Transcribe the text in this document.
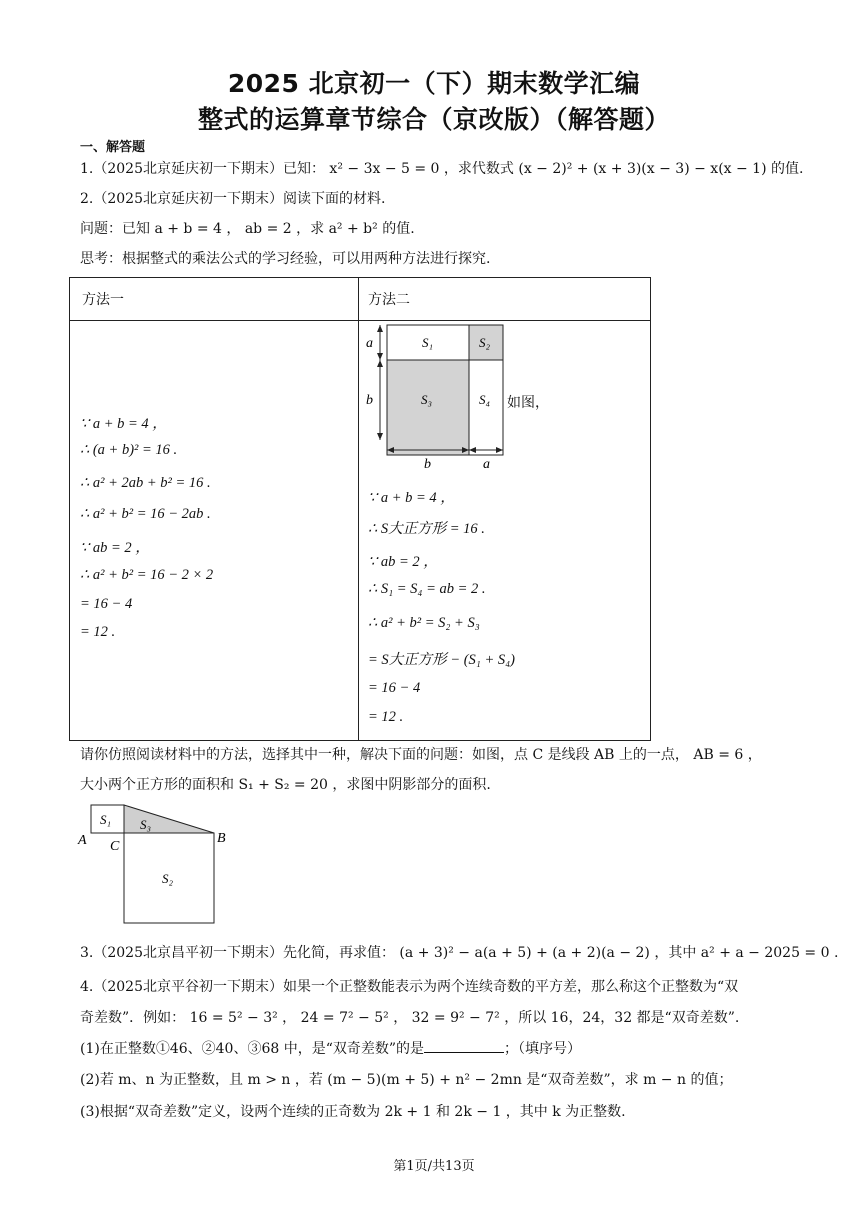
2025 北京初一（下）期末数学汇编
整式的运算章节综合（京改版）（解答题）
一、解答题
1.（2025北京延庆初一下期末）已知： x² − 3x − 5 = 0 ，求代数式 (x − 2)² + (x + 3)(x − 3) − x(x − 1) 的值.
2.（2025北京延庆初一下期末）阅读下面的材料.
问题：已知 a + b = 4 ， ab = 2 ，求 a² + b² 的值.
思考：根据整式的乘法公式的学习经验，可以用两种方法进行探究.
方法一	方法二
∵ a + b = 4 ，
∴ (a + b)² = 16 .
∴ a² + 2ab + b² = 16 .
∴ a² + b² = 16 − 2ab .
∵ ab = 2 ，
∴ a² + b² = 16 − 2 × 2
= 16 − 4
= 12 .
a
b
b	a
S₁	S₂
S₃	S₄ 如图，
∵ a + b = 4 ，
∴ S大正方形 = 16 .
∵ ab = 2 ，
∴ S₁ = S₄ = ab = 2 .
∴ a² + b² = S₂ + S₃
= S大正方形 − (S₁ + S₄)
= 16 − 4
= 12 .
请你仿照阅读材料中的方法，选择其中一种，解决下面的问题：如图，点 C 是线段 AB 上的一点， AB = 6 ，
大小两个正方形的面积和 S₁ + S₂ = 20 ，求图中阴影部分的面积.
A	B
C
S₁ S₃
S₂
3.（2025北京昌平初一下期末）先化简，再求值： (a + 3)² − a(a + 5) + (a + 2)(a − 2) ，其中 a² + a − 2025 = 0 .
4.（2025北京平谷初一下期末）如果一个正整数能表示为两个连续奇数的平方差，那么称这个正整数为“双
奇差数”．例如： 16 = 5² − 3² ， 24 = 7² − 5² ， 32 = 9² − 7² ，所以 16，24，32 都是“双奇差数”.
(1)在正整数①46、②40、③68 中，是“双奇差数”的是	；（填序号）
(2)若 m、n 为正整数，且 m > n ，若 (m − 5)(m + 5) + n² − 2mn 是“双奇差数”，求 m − n 的值；
(3)根据“双奇差数”定义，设两个连续的正奇数为 2k + 1 和 2k − 1 ，其中 k 为正整数.
第1页/共13页
